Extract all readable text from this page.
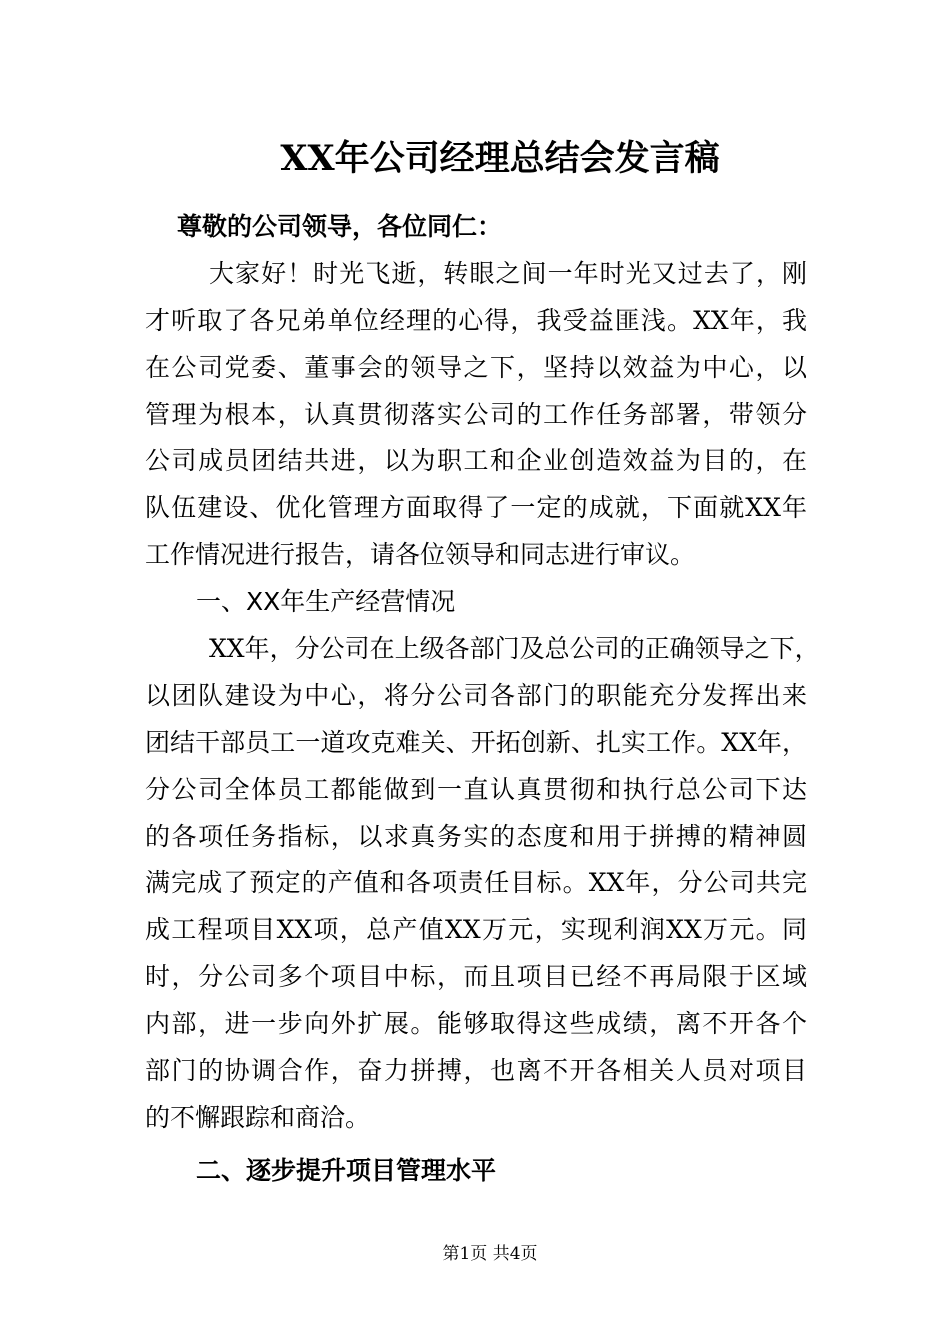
XX年公司经理总结会发言稿
尊敬的公司领导，各位同仁：
大家好！时光飞逝，转眼之间一年时光又过去了，刚
才听取了各兄弟单位经理的心得，我受益匪浅。XX年，我
在公司党委、董事会的领导之下，坚持以效益为中心，以
管理为根本，认真贯彻落实公司的工作任务部署，带领分
公司成员团结共进，以为职工和企业创造效益为目的，在
队伍建设、优化管理方面取得了一定的成就，下面就XX年
工作情况进行报告，请各位领导和同志进行审议。
一、XX年生产经营情况
XX年，分公司在上级各部门及总公司的正确领导之下，
以团队建设为中心，将分公司各部门的职能充分发挥出来
团结干部员工一道攻克难关、开拓创新、扎实工作。XX年，
分公司全体员工都能做到一直认真贯彻和执行总公司下达
的各项任务指标，以求真务实的态度和用于拼搏的精神圆
满完成了预定的产值和各项责任目标。XX年，分公司共完
成工程项目XX项，总产值XX万元，实现利润XX万元。同
时，分公司多个项目中标，而且项目已经不再局限于区域
内部，进一步向外扩展。能够取得这些成绩，离不开各个
部门的协调合作，奋力拼搏，也离不开各相关人员对项目
的不懈跟踪和商洽。
二、逐步提升项目管理水平
第1页 共4页
